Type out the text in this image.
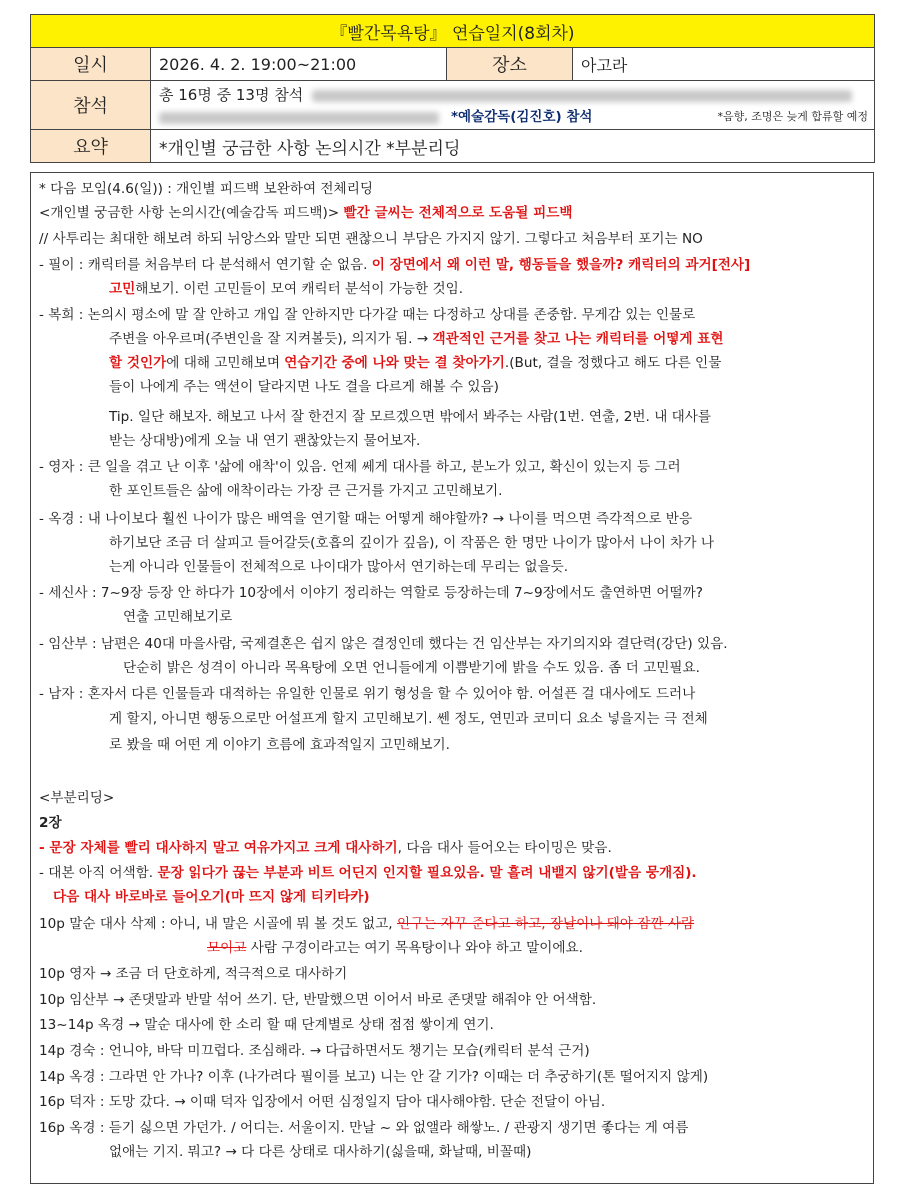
『빨간목욕탕』 연습일지(8회차)			
일시	2026. 4. 2. 19:00~21:00	장소	아고라
참석	총 16명 중 13명 참석
*예술감독(김진호) 참석 *음향, 조명은 늦게 합류할 예정		

요약	*개인별 궁금한 사항 논의시간 *부분리딩		
* 다음 모임(4.6(일)) : 개인별 피드백 보완하여 전체리딩
<개인별 궁금한 사항 논의시간(예술감독 피드백)> 빨간 글씨는 전체적으로 도움될 피드백
// 사투리는 최대한 해보려 하되 뉘앙스와 말만 되면 괜찮으니 부담은 가지지 않기. 그렇다고 처음부터 포기는 NO
- 필이 : 캐릭터를 처음부터 다 분석해서 연기할 순 없음. 이 장면에서 왜 이런 말, 행동들을 했을까? 캐릭터의 과거[전사]
고민해보기. 이런 고민들이 모여 캐릭터 분석이 가능한 것임.
- 복희 : 논의시 평소에 말 잘 안하고 개입 잘 안하지만 다가갈 때는 다정하고 상대를 존중함. 무게감 있는 인물로
주변을 아우르며(주변인을 잘 지켜볼듯), 의지가 됨. → 객관적인 근거를 찾고 나는 캐릭터를 어떻게 표현
할 것인가에 대해 고민해보며 연습기간 중에 나와 맞는 결 찾아가기.(But, 결을 정했다고 해도 다른 인물
들이 나에게 주는 액션이 달라지면 나도 결을 다르게 해볼 수 있음)
Tip. 일단 해보자. 해보고 나서 잘 한건지 잘 모르겠으면 밖에서 봐주는 사람(1번. 연출, 2번. 내 대사를
받는 상대방)에게 오늘 내 연기 괜찮았는지 물어보자.
- 영자 : 큰 일을 겪고 난 이후 '삶에 애착'이 있음. 언제 쎄게 대사를 하고, 분노가 있고, 확신이 있는지 등 그러
한 포인트들은 삶에 애착이라는 가장 큰 근거를 가지고 고민해보기.
- 옥경 : 내 나이보다 훨씬 나이가 많은 배역을 연기할 때는 어떻게 해야할까? → 나이를 먹으면 즉각적으로 반응
하기보단 조금 더 살피고 들어갈듯(호흡의 깊이가 깊음), 이 작품은 한 명만 나이가 많아서 나이 차가 나
는게 아니라 인물들이 전체적으로 나이대가 많아서 연기하는데 무리는 없을듯.
- 세신사 : 7~9장 등장 안 하다가 10장에서 이야기 정리하는 역할로 등장하는데 7~9장에서도 출연하면 어떨까?
연출 고민해보기로
- 임산부 : 남편은 40대 마을사람, 국제결혼은 쉽지 않은 결정인데 했다는 건 임산부는 자기의지와 결단력(강단) 있음.
단순히 밝은 성격이 아니라 목욕탕에 오면 언니들에게 이쁨받기에 밝을 수도 있음. 좀 더 고민필요.
- 남자 : 혼자서 다른 인물들과 대적하는 유일한 인물로 위기 형성을 할 수 있어야 함. 어설픈 걸 대사에도 드러나
게 할지, 아니면 행동으로만 어설프게 할지 고민해보기. 쎈 정도, 연민과 코미디 요소 넣을지는 극 전체
로 봤을 때 어떤 게 이야기 흐름에 효과적일지 고민해보기.
<부분리딩>
2장
- 문장 자체를 빨리 대사하지 말고 여유가지고 크게 대사하기, 다음 대사 들어오는 타이밍은 맞음.
- 대본 아직 어색함. 문장 읽다가 끊는 부분과 비트 어딘지 인지할 필요있음. 말 흘려 내뱉지 않기(발음 뭉개짐).
다음 대사 바로바로 들어오기(마 뜨지 않게 티키타카)
10p 말순 대사 삭제 : 아니, 내 말은 시골에 뭐 볼 것도 없고, 인구는 자꾸 준다고 하고, 장날이나 돼야 잠깐 사람
모이고 사람 구경이라고는 여기 목욕탕이나 와야 하고 말이에요.
10p 영자 → 조금 더 단호하게, 적극적으로 대사하기
10p 임산부 → 존댓말과 반말 섞어 쓰기. 단, 반말했으면 이어서 바로 존댓말 해줘야 안 어색함.
13~14p 옥경 → 말순 대사에 한 소리 할 때 단계별로 상태 점점 쌓이게 연기.
14p 경숙 : 언니야, 바닥 미끄럽다. 조심해라. → 다급하면서도 챙기는 모습(캐릭터 분석 근거)
14p 옥경 : 그라면 안 가나? 이후 (나가려다 필이를 보고) 니는 안 갈 기가? 이때는 더 추궁하기(톤 떨어지지 않게)
16p 덕자 : 도망 갔다. → 이때 덕자 입장에서 어떤 심정일지 담아 대사해야함. 단순 전달이 아님.
16p 옥경 : 듣기 싫으면 가던가. / 어디는. 서울이지. 만날 ~ 와 없앨라 해쌓노. / 관광지 생기면 좋다는 게 여름
없애는 기지. 뭐고? → 다 다른 상태로 대사하기(싫을때, 화날때, 비꼴때)
